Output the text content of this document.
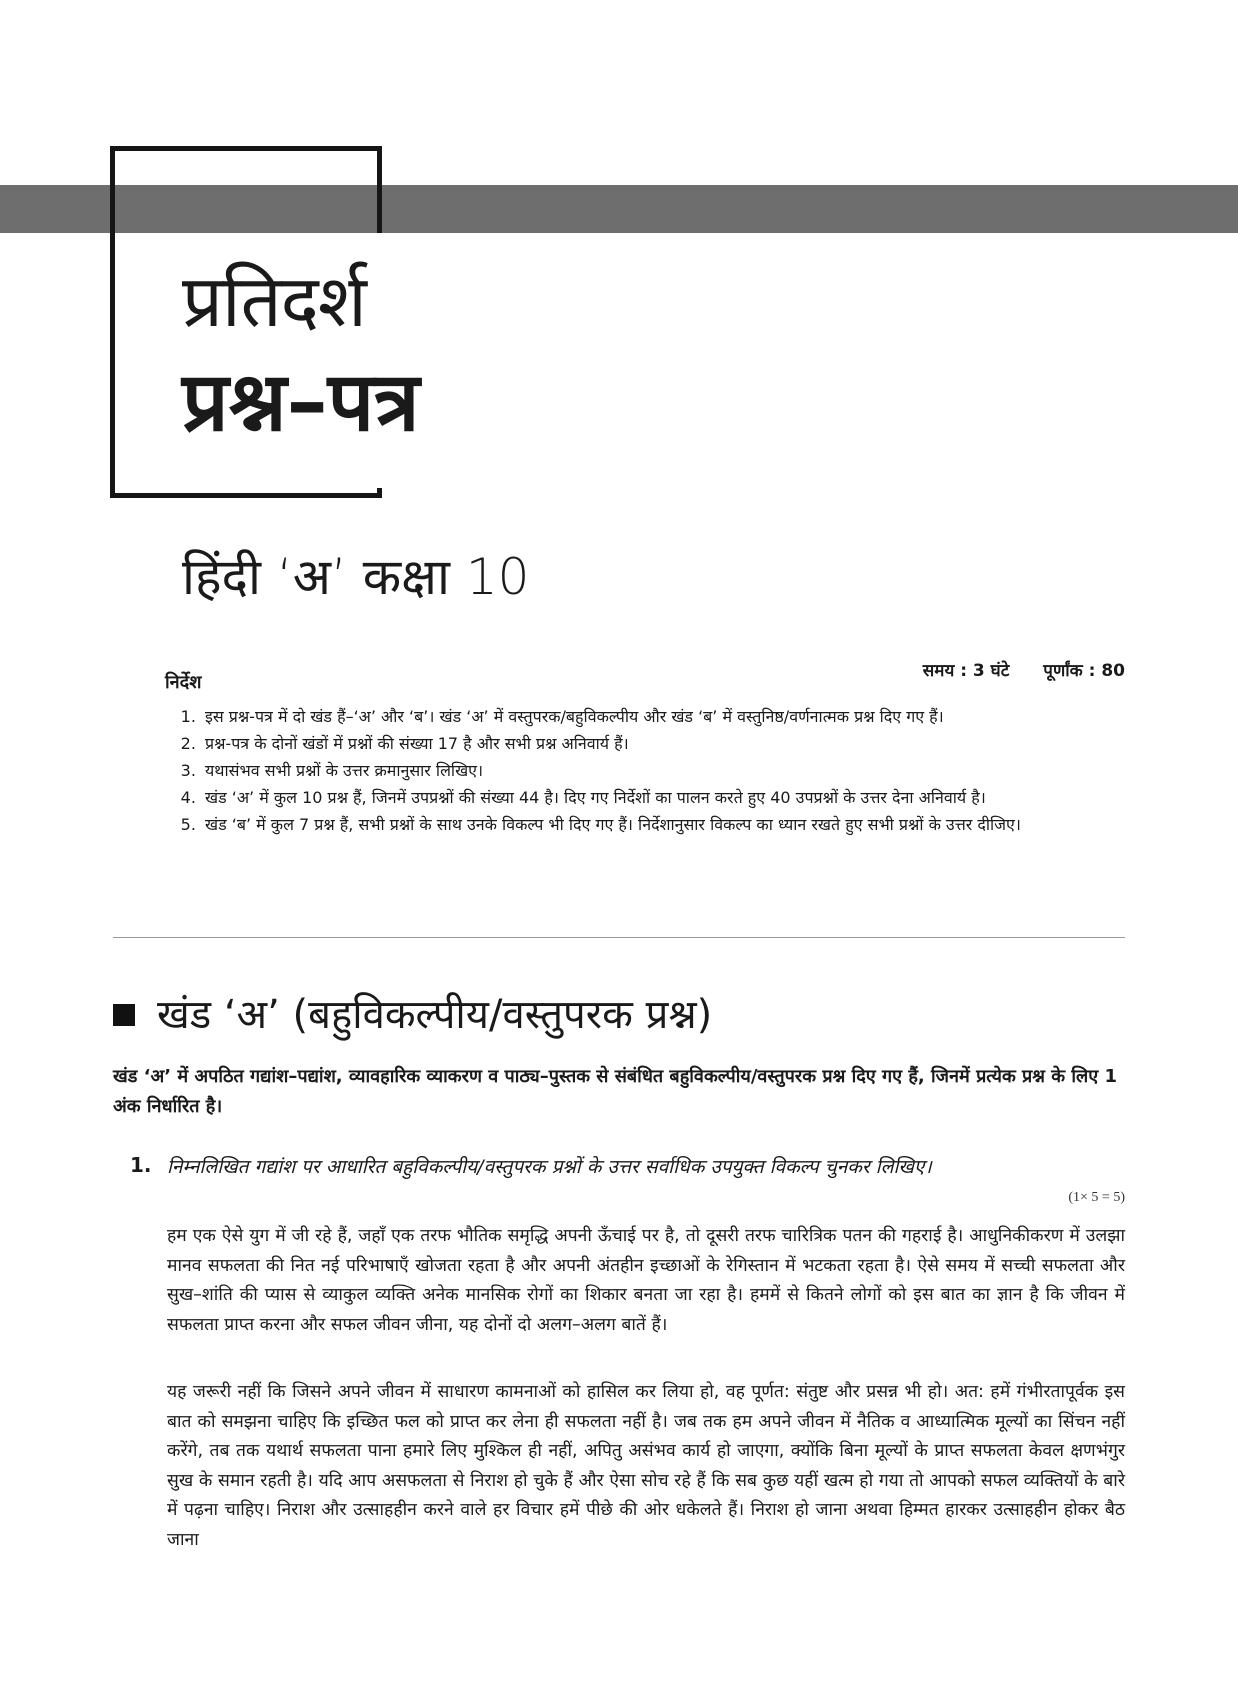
प्रतिदर्श
प्रश्न–पत्र
हिंदी ‘अ’ कक्षा 10
निर्देश
समय : 3 घंटे पूर्णांक : 80
1. इस प्रश्न-पत्र में दो खंड हैं–‘अ’ और ‘ब’। खंड ‘अ’ में वस्तुपरक/बहुविकल्पीय और खंड ‘ब’ में वस्तुनिष्ठ/वर्णनात्मक प्रश्न दिए गए हैं।
2. प्रश्न-पत्र के दोनों खंडों में प्रश्नों की संख्या 17 है और सभी प्रश्न अनिवार्य हैं।
3. यथासंभव सभी प्रश्नों के उत्तर क्रमानुसार लिखिए।
4. खंड ‘अ’ में कुल 10 प्रश्न हैं, जिनमें उपप्रश्नों की संख्या 44 है। दिए गए निर्देशों का पालन करते हुए 40 उपप्रश्नों के उत्तर देना अनिवार्य है।
5. खंड ‘ब’ में कुल 7 प्रश्न हैं, सभी प्रश्नों के साथ उनके विकल्प भी दिए गए हैं। निर्देशानुसार विकल्प का ध्यान रखते हुए सभी प्रश्नों के उत्तर दीजिए।
खंड ‘अ’ (बहुविकल्पीय/वस्तुपरक प्रश्न)
खंड ‘अ’ में अपठित गद्यांश–पद्यांश, व्यावहारिक व्याकरण व पाठ्य–पुस्तक से संबंधित बहुविकल्पीय/वस्तुपरक प्रश्न दिए गए हैं, जिनमें प्रत्येक प्रश्न के लिए 1 अंक निर्धारित है।
1. निम्नलिखित गद्यांश पर आधारित बहुविकल्पीय/वस्तुपरक प्रश्नों के उत्तर सर्वाधिक उपयुक्त विकल्प चुनकर लिखिए।
(1× 5 = 5)

हम एक ऐसे युग में जी रहे हैं, जहाँ एक तरफ भौतिक समृद्धि अपनी ऊँचाई पर है, तो दूसरी तरफ चारित्रिक पतन की गहराई है। आधुनिकीकरण में उलझा मानव सफलता की नित नई परिभाषाएँ खोजता रहता है और अपनी अंतहीन इच्छाओं के रेगिस्तान में भटकता रहता है। ऐसे समय में सच्ची सफलता और सुख–शांति की प्यास से व्याकुल व्यक्ति अनेक मानसिक रोगों का शिकार बनता जा रहा है। हममें से कितने लोगों को इस बात का ज्ञान है कि जीवन में सफलता प्राप्त करना और सफल जीवन जीना, यह दोनों दो अलग–अलग बातें हैं।

यह जरूरी नहीं कि जिसने अपने जीवन में साधारण कामनाओं को हासिल कर लिया हो, वह पूर्णत: संतुष्ट और प्रसन्न भी हो। अत: हमें गंभीरतापूर्वक इस बात को समझना चाहिए कि इच्छित फल को प्राप्त कर लेना ही सफलता नहीं है। जब तक हम अपने जीवन में नैतिक व आध्यात्मिक मूल्यों का सिंचन नहीं करेंगे, तब तक यथार्थ सफलता पाना हमारे लिए मुश्किल ही नहीं, अपितु असंभव कार्य हो जाएगा, क्योंकि बिना मूल्यों के प्राप्त सफलता केवल क्षणभंगुर सुख के समान रहती है। यदि आप असफलता से निराश हो चुके हैं और ऐसा सोच रहे हैं कि सब कुछ यहीं खत्म हो गया तो आपको सफल व्यक्तियों के बारे में पढ़ना चाहिए। निराश और उत्साहहीन करने वाले हर विचार हमें पीछे की ओर धकेलते हैं। निराश हो जाना अथवा हिम्मत हारकर उत्साहहीन होकर बैठ जाना
